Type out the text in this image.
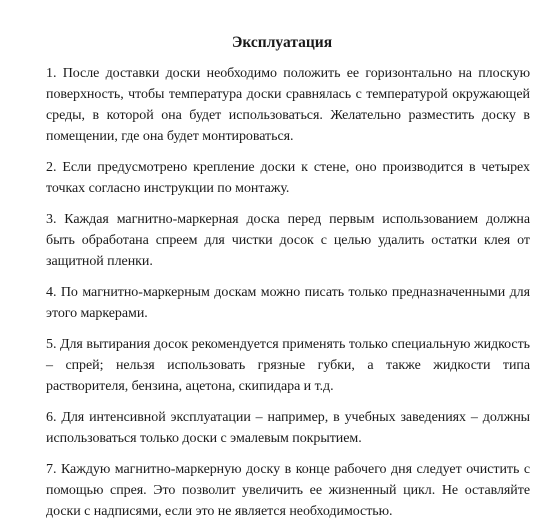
Эксплуатация

1. После доставки доски необходимо положить ее горизонтально на плоскую поверхность, чтобы температура доски сравнялась с температурой окружающей среды, в которой она будет использоваться. Желательно разместить доску в помещении, где она будет монтироваться.

2. Если предусмотрено крепление доски к стене, оно производится в четырех точках согласно инструкции по монтажу.

3. Каждая магнитно-маркерная доска перед первым использованием должна быть обработана спреем для чистки досок с целью удалить остатки клея от защитной пленки.

4. По магнитно-маркерным доскам можно писать только предназначенными для этого маркерами.

5. Для вытирания досок рекомендуется применять только специальную жидкость – спрей; нельзя использовать грязные губки, а также жидкости типа растворителя, бензина, ацетона, скипидара и т.д.

6. Для интенсивной эксплуатации – например, в учебных заведениях – должны использоваться только доски с эмалевым покрытием.

7. Каждую магнитно-маркерную доску в конце рабочего дня следует очистить с помощью спрея. Это позволит увеличить ее жизненный цикл. Не оставляйте доски с надписями, если это не является необходимостью.
